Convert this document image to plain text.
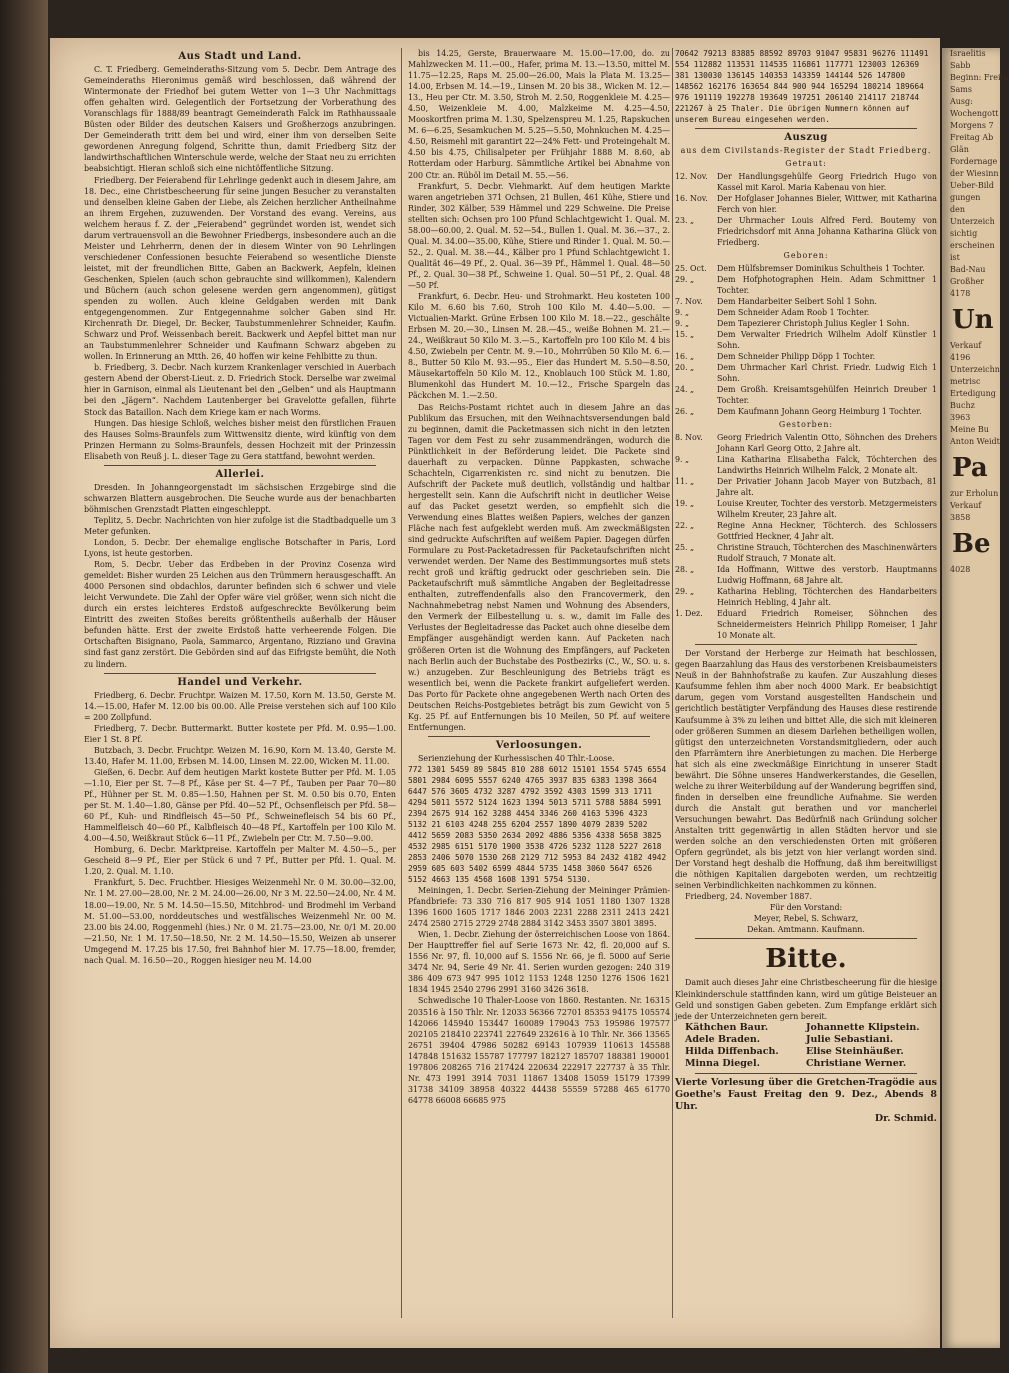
Aus Stadt und Land.

C. T. Friedberg. Gemeinderaths-Sitzung vom 5. Decbr. Dem Antrage des Gemeinderaths Hieronimus gemäß wird beschlossen, daß während der Wintermonate der Friedhof bei gutem Wetter von 1—3 Uhr Nachmittags offen gehalten wird. Gelegentlich der Fortsetzung der Vorberathung des Voranschlags für 1888/89 beantragt Gemeinderath Falck im Rathhaussaale Büsten oder Bilder des deutschen Kaisers und Großherzogs anzubringen. Der Gemeinderath tritt dem bei und wird, einer ihm von derselben Seite gewordenen Anregung folgend, Schritte thun, damit Friedberg Sitz der landwirthschaftlichen Winterschule werde, welche der Staat neu zu errichten beabsichtigt. Hieran schloß sich eine nichtöffentliche Sitzung.

Friedberg. Der Feierabend für Lehrlinge gedenkt auch in diesem Jahre, am 18. Dec., eine Christbescheerung für seine jungen Besucher zu veranstalten und denselben kleine Gaben der Liebe, als Zeichen herzlicher Antheilnahme an ihrem Ergehen, zuzuwenden. Der Vorstand des evang. Vereins, aus welchem heraus f. Z. der „Feierabend“ gegründet worden ist, wendet sich darum vertrauensvoll an die Bewohner Friedbergs, insbesondere auch an die Meister und Lehrherrn, denen der in diesem Winter von 90 Lehrlingen verschiedener Confessionen besuchte Feierabend so wesentliche Dienste leistet, mit der freundlichen Bitte, Gaben an Backwerk, Aepfeln, kleinen Geschenken, Spielen (auch schon gebrauchte sind willkommen), Kalendern und Büchern (auch schon gelesene werden gern angenommen), gütigst spenden zu wollen. Auch kleine Geldgaben werden mit Dank entgegengenommen. Zur Entgegennahme solcher Gaben sind Hr. Kirchenrath Dr. Diegel, Dr. Becker, Taubstummenlehrer Schneider, Kaufm. Schwarz und Prof. Weissenbach bereit. Backwerk und Aepfel bittet man nur an Taubstummenlehrer Schneider und Kaufmann Schwarz abgeben zu wollen. In Erinnerung an Mtth. 26, 40 hoffen wir keine Fehlbitte zu thun.

b. Friedberg, 3. Decbr. Nach kurzem Krankenlager verschied in Auerbach gestern Abend der Oberst-Lieut. z. D. Friedrich Stock. Derselbe war zweimal hier in Garnison, einmal als Lieutenant bei den „Gelben“ und als Hauptmann bei den „Jägern“. Nachdem Lautenberger bei Gravelotte gefallen, führte Stock das Bataillon. Nach dem Kriege kam er nach Worms.

Hungen. Das hiesige Schloß, welches bisher meist den fürstlichen Frauen des Hauses Solms-Braunfels zum Wittwensitz diente, wird künftig von dem Prinzen Hermann zu Solms-Braunfels, dessen Hochzeit mit der Prinzessin Elisabeth von Reuß j. L. dieser Tage zu Gera stattfand, bewohnt werden.

Allerlei.

Dresden. In Johanngeorgenstadt im sächsischen Erzgebirge sind die schwarzen Blattern ausgebrochen. Die Seuche wurde aus der benachbarten böhmischen Grenzstadt Platten eingeschleppt.

Teplitz, 5. Decbr. Nachrichten von hier zufolge ist die Stadtbadquelle um 3 Meter gefunken.

London, 5. Decbr. Der ehemalige englische Botschafter in Paris, Lord Lyons, ist heute gestorben.

Rom, 5. Decbr. Ueber das Erdbeben in der Provinz Cosenza wird gemeldet: Bisher wurden 25 Leichen aus den Trümmern herausgeschafft. An 4000 Personen sind obdachlos, darunter befinden sich 6 schwer und viele leicht Verwundete. Die Zahl der Opfer wäre viel größer, wenn sich nicht die durch ein erstes leichteres Erdstoß aufgeschreckte Bevölkerung beim Eintritt des zweiten Stoßes bereits größtentheils außerhalb der Häuser befunden hätte. Erst der zweite Erdstoß hatte verheerende Folgen. Die Ortschaften Bisignano, Paola, Sammarco, Argentano, Rizziano und Gravina sind fast ganz zerstört. Die Gebörden sind auf das Eifrigste bemüht, die Noth zu lindern.

Handel und Verkehr.

Friedberg, 6. Decbr. Fruchtpr. Waizen M. 17.50, Korn M. 13.50, Gerste M. 14.—15.00, Hafer M. 12.00 bis 00.00. Alle Preise verstehen sich auf 100 Kilo = 200 Zollpfund.

Friedberg, 7. Decbr. Buttermarkt. Butter kostete per Pfd. M. 0.95—1.00. Eier 1 St. 8 Pf.

Butzbach, 3. Decbr. Fruchtpr. Weizen M. 16.90, Korn M. 13.40, Gerste M. 13.40, Hafer M. 11.00, Erbsen M. 14.00, Linsen M. 22.00, Wicken M. 11.00.

Gießen, 6. Decbr. Auf dem heutigen Markt kostete Butter per Pfd. M. 1.05—1.10, Eier per St. 7—8 Pf., Käse per St. 4—7 Pf., Tauben per Paar 70—80 Pf., Hühner per St. M. 0.85—1.50, Hahnen per St. M. 0.50 bis 0.70, Enten per St. M. 1.40—1.80, Gänse per Pfd. 40—52 Pf., Ochsenfleisch per Pfd. 58—60 Pf., Kuh- und Rindfleisch 45—50 Pf., Schweinefleisch 54 bis 60 Pf., Hammelfleisch 40—60 Pf., Kalbfleisch 40—48 Pf., Kartoffeln per 100 Kilo M. 4.00—4.50, Weißkraut Stück 6—11 Pf., Zwiebeln per Ctr. M. 7.50—9.00.

Homburg, 6. Decbr. Marktpreise. Kartoffeln per Malter M. 4.50—5., per Gescheid 8—9 Pf., Eier per Stück 6 und 7 Pf., Butter per Pfd. 1. Qual. M. 1.20, 2. Qual. M. 1.10.

Frankfurt, 5. Dec. Fruchtber. Hiesiges Weizenmehl Nr. 0 M. 30.00—32.00, Nr. 1 M. 27.00—28.00, Nr. 2 M. 24.00—26.00, Nr 3 M. 22.50—24.00, Nr. 4 M. 18.00—19.00, Nr. 5 M. 14.50—15.50, Mitchbrod- und Brodmehl im Verband M. 51.00—53.00, norddeutsches und westfälisches Weizenmehl Nr. 00 M. 23.00 bis 24.00, Roggenmehl (hies.) Nr. 0 M. 21.75—23.00, Nr. 0/1 M. 20.00—21.50, Nr. 1 M. 17.50—18.50, Nr. 2 M. 14.50—15.50, Weizen ab unserer Umgegend M. 17.25 bis 17.50, frei Bahnhof hier M. 17.75—18.00, fremder, nach Qual. M. 16.50—20., Roggen hiesiger neu M. 14.00

bis 14.25, Gerste, Brauerwaare M. 15.00—17.00, do. zu Mahlzwecken M. 11.—00., Hafer, prima M. 13.—13.50, mittel M. 11.75—12.25, Raps M. 25.00—26.00, Mais la Plata M. 13.25—14.00, Erbsen M. 14.—19., Linsen M. 20 bis 38., Wicken M. 12.—13., Heu per Ctr. M. 3.50, Stroh M. 2.50, Roggenkleie M. 4.25—4.50, Weizenkleie M. 4.00, Malzkeime M. 4.25—4.50, Mooskortfren prima M. 1.30, Spelzenspreu M. 1.25, Rapskuchen M. 6—6.25, Sesamkuchen M. 5.25—5.50, Mohnkuchen M. 4.25—4.50, Reismehl mit garantirt 22—24% Fett- und Proteingehalt M. 4.50 bis 4.75, Chilisalpeter per Frühjahr 1888 M. 8.60, ab Rotterdam oder Harburg. Sämmtliche Artikel bei Abnahme von 200 Ctr. an. Rüböl im Detail M. 55.—56.

Frankfurt, 5. Decbr. Viehmarkt. Auf dem heutigen Markte waren angetrieben 371 Ochsen, 21 Bullen, 461 Kühe, Stiere und Rinder, 302 Kälber, 539 Hämmel und 229 Schweine. Die Preise stellten sich: Ochsen pro 100 Pfund Schlachtgewicht 1. Qual. M. 58.00—60.00, 2. Qual. M. 52—54., Bullen 1. Qual. M. 36.—37., 2. Qual. M. 34.00—35.00, Kühe, Stiere und Rinder 1. Qual. M. 50.—52., 2. Qual. M. 38.—44., Kälber pro 1 Pfund Schlachtgewicht 1. Qualität 46—49 Pf., 2. Qual. 36—39 Pf., Hämmel 1. Qual. 48—50 Pf., 2. Qual. 30—38 Pf., Schweine 1. Qual. 50—51 Pf., 2. Qual. 48—50 Pf.

Frankfurt, 6. Decbr. Heu- und Strohmarkt. Heu kosteten 100 Kilo M. 6.60 bis 7.60, Stroh 100 Kilo M. 4.40—5.00. — Victualien-Markt. Grüne Erbsen 100 Kilo M. 18.—22., geschälte Erbsen M. 20.—30., Linsen M. 28.—45., weiße Bohnen M. 21.—24., Weißkraut 50 Kilo M. 3.—5., Kartoffeln pro 100 Kilo M. 4 bis 4.50, Zwiebeln per Centr. M. 9.—10., Mohrrüben 50 Kilo M. 6.—8., Butter 50 Kilo M. 93.—95., Eier das Hundert M. 5.50—8.50, Mäusekartoffeln 50 Kilo M. 12., Knoblauch 100 Stück M. 1.80, Blumenkohl das Hundert M. 10.—12., Frische Spargeln das Päckchen M. 1.—2.50.

Das Reichs-Postamt richtet auch in diesem Jahre an das Publikum das Ersuchen, mit den Weihnachtsversendungen bald zu beginnen, damit die Packetmassen sich nicht in den letzten Tagen vor dem Fest zu sehr zusammendrängen, wodurch die Pünktlichkeit in der Beförderung leidet. Die Packete sind dauerhaft zu verpacken. Dünne Pappkasten, schwache Schachteln, Cigarrenkisten rc. sind nicht zu benutzen. Die Aufschrift der Packete muß deutlich, vollständig und haltbar hergestellt sein. Kann die Aufschrift nicht in deutlicher Weise auf das Packet gesetzt werden, so empfiehlt sich die Verwendung eines Blattes weißen Papiers, welches der ganzen Fläche nach fest aufgeklebt werden muß. Am zweckmäßigsten sind gedruckte Aufschriften auf weißem Papier. Dagegen dürfen Formulare zu Post-Packetadressen für Packetaufschriften nicht verwendet werden. Der Name des Bestimmungsortes muß stets recht groß und kräftig gedruckt oder geschrieben sein. Die Packetaufschrift muß sämmtliche Angaben der Begleitadresse enthalten, zutreffendenfalls also den Francovermerk, den Nachnahmebetrag nebst Namen und Wohnung des Absenders, den Vermerk der Eilbestellung u. s. w., damit im Falle des Verlustes der Begleitadresse das Packet auch ohne dieselbe dem Empfänger ausgehändigt werden kann. Auf Packeten nach größeren Orten ist die Wohnung des Empfängers, auf Packeten nach Berlin auch der Buchstabe des Postbezirks (C., W., SO. u. s. w.) anzugeben. Zur Beschleunigung des Betriebs trägt es wesentlich bei, wenn die Packete frankirt aufgeliefert werden. Das Porto für Packete ohne angegebenen Werth nach Orten des Deutschen Reichs-Postgebietes beträgt bis zum Gewicht von 5 Kg. 25 Pf. auf Entfernungen bis 10 Meilen, 50 Pf. auf weitere Entfernungen.

Verloosungen.

Serienziehung der Kurhessischen 40 Thlr.-Loose.

772 1301 5459 89 5845 810 288 6012 15101 1554 5745 6554 5801 2984 6095 5557 6240 4765 3937 835 6383 1398 3664 6447 576 3605 4732 3287 4792 3592 4303 1599 313 1711 4294 5011 5572 5124 1623 1394 5013 5711 5788 5884 5991 2394 2675 914 162 3288 4454 3346 260 4163 5396 4323 5132 21 6103 4248 255 6204 2557 1890 4079 2839 5202 4412 5659 2083 5350 2634 2092 4886 5356 4338 5658 3825 4532 2985 6151 5170 1900 3538 4726 5232 1128 5227 2618 2853 2406 5070 1530 268 2129 712 5953 84 2432 4182 4942 2959 605 603 5402 6599 4844 5735 1458 3060 5647 6526 5152 4663 135 4568 1608 1391 5754 5130.

Meiningen, 1. Decbr. Serien-Ziehung der Meininger Prämien-Pfandbriefe: 73 330 716 817 905 914 1051 1180 1307 1328 1396 1600 1605 1717 1846 2003 2231 2288 2311 2413 2421 2474 2580 2715 2729 2748 2884 3142 3453 3507 3801 3895.

Wien, 1. Decbr. Ziehung der österreichischen Loose von 1864. Der Haupttreffer fiel auf Serie 1673 Nr. 42, fl. 20,000 auf S. 1556 Nr. 97, fl. 10,000 auf S. 1556 Nr. 66, je fl. 5000 auf Serie 3474 Nr. 94, Serie 49 Nr. 41. Serien wurden gezogen: 240 319 386 409 673 947 995 1012 1153 1248 1250 1276 1506 1621 1834 1945 2540 2796 2991 3160 3426 3618.

Schwedische 10 Thaler-Loose von 1860. Restanten. Nr. 16315 203516 à 150 Thlr. Nr. 12033 56366 72701 85353 94175 105574 142066 145940 153447 160089 179043 753 195986 197577 202105 218410 223741 227649 232616 à 10 Thlr. Nr. 366 13565 26751 39404 47986 50282 69143 107939 110613 145588 147848 151632 155787 177797 182127 185707 188381 190001 197806 208265 716 217424 220634 222917 227737 à 35 Thlr. Nr. 473 1991 3914 7031 11867 13408 15059 15179 17399 31738 34109 38958 40322 44438 55559 57288 465 61770 64778 66008 66685 975

70642 79213 83885 88592 89703 91047 95831 96276 111491 554 112882 113531 114535 116861 117771 123003 126369 381 130030 136145 140353 143359 144144 526 147800 148562 162176 163654 844 900 944 165294 180214 189664 976 191119 192278 193649 197251 206140 214117 218744 221267 à 25 Thaler. Die übrigen Nummern können auf unserem Bureau eingesehen werden.
Auszug
aus dem Civilstands-Register der Stadt Friedberg.
Getraut:
12. Nov.	Der Handlungsgehülfe Georg Friedrich Hugo von Kassel mit Karol. Maria Kabenau von hier.
16. Nov.	Der Hofglaser Johannes Bieler, Wittwer, mit Katharina Ferch von hier.
23. „	Der Uhrmacher Louis Alfred Ferd. Boutemy von Friedrichsdorf mit Anna Johanna Katharina Glück von Friedberg.
Geboren:
25. Oct.	Dem Hülfsbremser Dominikus Schultheis 1 Tochter.
29. „	Dem Hofphotographen Hein. Adam Schmittner 1 Tochter.
7. Nov.	Dem Handarbeiter Seibert Sohl 1 Sohn.
9. „	Dem Schneider Adam Roob 1 Tochter.
9. „	Dem Tapezierer Christoph Julius Kegler 1 Sohn.
15. „	Dem Verwalter Friedrich Wilhelm Adolf Künstler 1 Sohn.
16. „	Dem Schneider Philipp Döpp 1 Tochter.
20. „	Dem Uhrmacher Karl Christ. Friedr. Ludwig Eich 1 Sohn.
24. „	Dem Großh. Kreisamtsgehülfen Heinrich Dreuber 1 Tochter.
26. „	Dem Kaufmann Johann Georg Heimburg 1 Tochter.
Gestorben:
8. Nov.	Georg Friedrich Valentin Otto, Söhnchen des Drehers Johann Karl Georg Otto, 2 Jahre alt.
9. „	Lina Katharina Elisabetha Falck, Töchterchen des Landwirths Heinrich Wilhelm Falck, 2 Monate alt.
11. „	Der Privatier Johann Jacob Mayer von Butzbach, 81 Jahre alt.
19. „	Louise Kreuter, Tochter des verstorb. Metzgermeisters Wilhelm Kreuter, 23 Jahre alt.
22. „	Regine Anna Heckner, Töchterch. des Schlossers Gottfried Heckner, 4 Jahr alt.
25. „	Christine Strauch, Töchterchen des Maschinenwärters Rudolf Strauch, 7 Monate alt.
28. „	Ida Hoffmann, Wittwe des verstorb. Hauptmanns Ludwig Hoffmann, 68 Jahre alt.
29. „	Katharina Hebling, Töchterchen des Handarbeiters Heinrich Hebling, 4 Jahr alt.
1. Dez.	Eduard Friedrich Romeiser, Söhnchen des Schneidermeisters Heinrich Philipp Romeiser, 1 Jahr 10 Monate alt.

Der Vorstand der Herberge zur Heimath hat beschlossen, gegen Baarzahlung das Haus des verstorbenen Kreisbaumeisters Neuß in der Bahnhofstraße zu kaufen. Zur Auszahlung dieses Kaufsumme fehlen ihm aber noch 4000 Mark. Er beabsichtigt darum, gegen vom Vorstand ausgestellten Handschein und gerichtlich bestätigter Verpfändung des Hauses diese restirende Kaufsumme à 3% zu leihen und bittet Alle, die sich mit kleineren oder größeren Summen an diesem Darlehen betheiligen wollen, gütigst den unterzeichneten Vorstandsmitgliedern, oder auch den Pfarrämtern ihre Anerbietungen zu machen. Die Herberge hat sich als eine zweckmäßige Einrichtung in unserer Stadt bewährt. Die Söhne unseres Handwerkerstandes, die Gesellen, welche zu ihrer Weiterbildung auf der Wanderung begriffen sind, finden in derselben eine freundliche Aufnahme. Sie werden durch die Anstalt gut berathen und vor mancherlei Versuchungen bewahrt. Das Bedürfniß nach Gründung solcher Anstalten tritt gegenwärtig in allen Städten hervor und sie werden solche an den verschiedensten Orten mit größeren Opfern gegründet, als bis jetzt von hier verlangt worden sind. Der Vorstand hegt deshalb die Hoffnung, daß ihm bereitwilligst die nöthigen Kapitalien dargeboten werden, um rechtzeitig seinen Verbindlichkeiten nachkommen zu können.

Friedberg, 24. November 1887.
Für den Vorstand:
Meyer, Rebel, S. Schwarz,
Dekan. Amtmann. Kaufmann.
Bitte.

Damit auch dieses Jahr eine Christbescheerung für die hiesige Kleinkinderschule stattfinden kann, wird um gütige Beisteuer an Geld und sonstigen Gaben gebeten. Zum Empfange erklärt sich jede der Unterzeichneten gern bereit.

Käthchen Baur.	Johannette Klipstein.
Adele Braden.	Julie Sebastiani.
Hilda Diffenbach.	Elise Steinhäußer.
Minna Diegel.	Christiane Werner.
Vierte Vorlesung über die Gretchen-Tragödie aus Goethe's Faust Freitag den 9. Dez., Abends 8 Uhr.
Dr. Schmid.
Israelitis
Sabb
Beginn: Freita
Sams
Ausg:
Wochengott
Morgens 7
Freitag Ab
Glän
Fordernage
der Wiesinn
Ueber-Bild
gungen
den
Unterzeich
sichtig
erscheinen
ist
Bad-Nau
Großher
4178
Un
Verkauf
4196
Unterzeichn
metrisc
Ertedigung
Buchz
3963
Meine Bu
Anton Weidt
Pa
zur Erholun
Verkauf
3858
Be
4028
